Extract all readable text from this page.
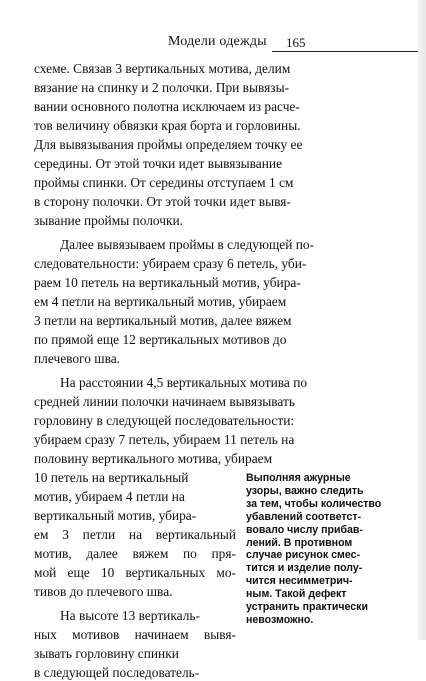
Модели одежды 165
схеме. Связав 3 вертикальных мотива, делим
вязание на спинку и 2 полочки. При вывязы-
вании основного полотна исключаем из расче-
тов величину обвязки края борта и горловины.
Для вывязывания проймы определяем точку ее
середины. От этой точки идет вывязывание
проймы спинки. От середины отступаем 1 см
в сторону полочки. От этой точки идет вывя-
зывание проймы полочки.
Далее вывязываем проймы в следующей по-
следовательности: убираем сразу 6 петель, уби-
раем 10 петель на вертикальный мотив, убира-
ем 4 петли на вертикальный мотив, убираем
3 петли на вертикальный мотив, далее вяжем
по прямой еще 12 вертикальных мотивов до
плечевого шва.
На расстоянии 4,5 вертикальных мотива по
средней линии полочки начинаем вывязывать
горловину в следующей последовательности:
убираем сразу 7 петель, убираем 11 петель на
половину вертикального мотива, убираем
10 петель на вертикальный
мотив, убираем 4 петли на
вертикальный мотив, убира-
ем 3 петли на вертикальный
мотив, далее вяжем по пря-
мой еще 10 вертикальных мо-
тивов до плечевого шва.
На высоте 13 вертикаль-
ных мотивов начинаем вывя-
зывать горловину спинки
в следующей последователь-
Выполняя ажурные
узоры, важно следить
за тем, чтобы количество
убавлений соответст-
вовало числу прибав-
лений. В противном
случае рисунок смес-
тится и изделие полу-
чится несимметрич-
ным. Такой дефект
устранить практически
невозможно.
